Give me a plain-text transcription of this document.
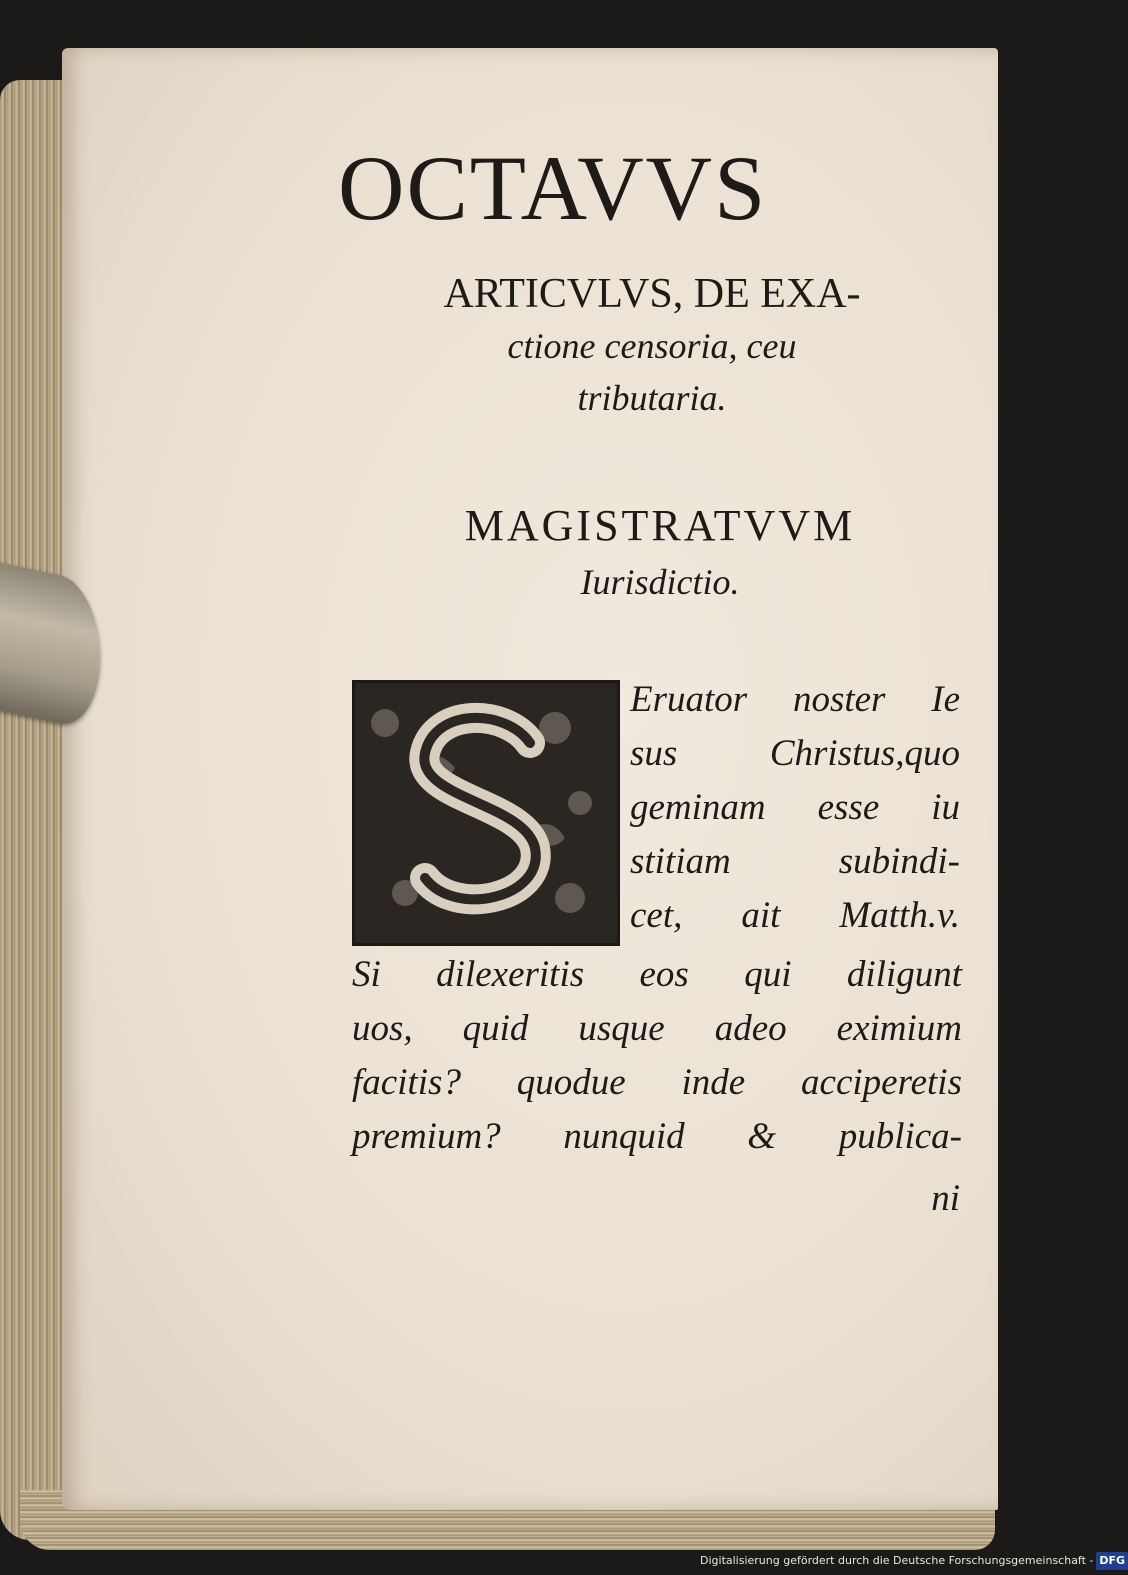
OCTAVVS
ARTICVLVS, DE EXA-
ctione censoria, ceu
tributaria.
MAGISTRATVVM
Iurisdictio.
S
Eruator noster Ie
sus Christus,quo
geminam esse iu
stitiam subindi-
cet, ait Matth.v.
Si dilexeritis eos qui diligunt
uos, quid usque adeo eximium
facitis? quodue inde acciperetis
premium? nunquid & publica-
ni
Digitalisierung gefördert durch die Deutsche Forschungsgemeinschaft - DFG
